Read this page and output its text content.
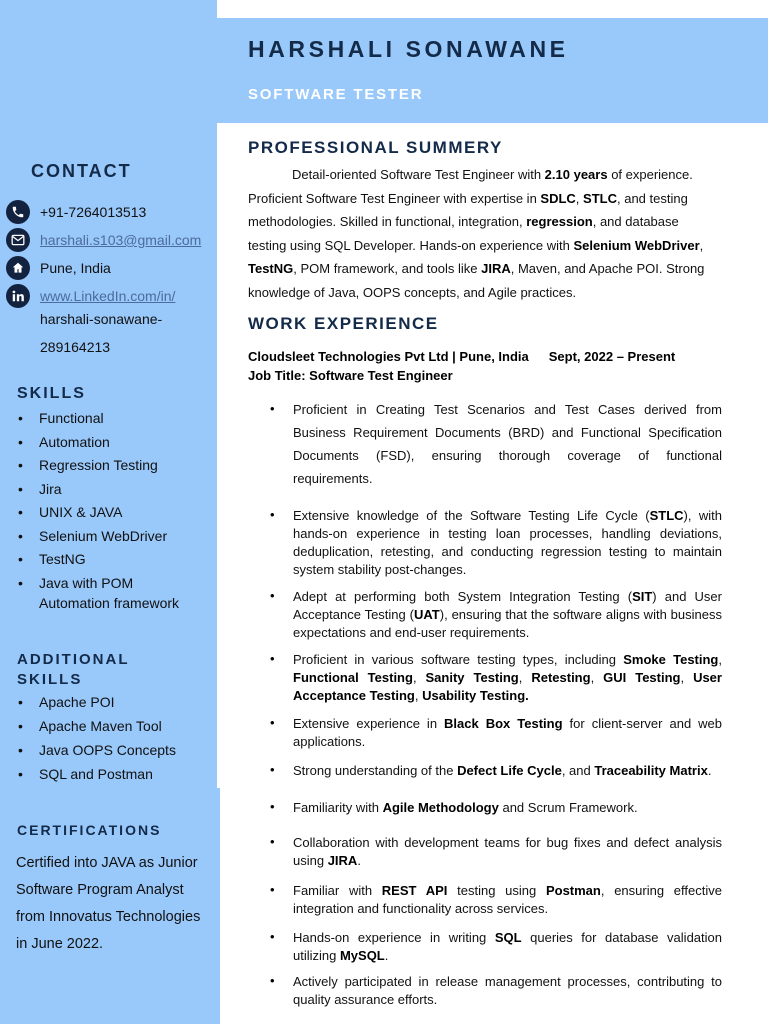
HARSHALI SONAWANE
SOFTWARE TESTER
CONTACT
+91-7264013513
harshali.s103@gmail.com
Pune, India
www.LinkedIn.com/in/
harshali-sonawane-
289164213
SKILLS
• Functional
• Automation
• Regression Testing
• Jira
• UNIX & JAVA
• Selenium WebDriver
• TestNG
• Java with POM Automation framework
ADDITIONAL SKILLS
• Apache POI
• Apache Maven Tool
• Java OOPS Concepts
• SQL and Postman
CERTIFICATIONS
Certified into JAVA as Junior Software Program Analyst from Innovatus Technologies in June 2022.
PROFESSIONAL SUMMERY
Detail-oriented Software Test Engineer with 2.10 years of experience. Proficient Software Test Engineer with expertise in SDLC, STLC, and testing methodologies. Skilled in functional, integration, regression, and database testing using SQL Developer. Hands-on experience with Selenium WebDriver, TestNG, POM framework, and tools like JIRA, Maven, and Apache POI. Strong knowledge of Java, OOPS concepts, and Agile practices.
WORK EXPERIENCE
Cloudsleet Technologies Pvt Ltd | Pune, India Sept, 2022 – Present
Job Title: Software Test Engineer
• Proficient in Creating Test Scenarios and Test Cases derived from Business Requirement Documents (BRD) and Functional Specification Documents (FSD), ensuring thorough coverage of functional requirements.
• Extensive knowledge of the Software Testing Life Cycle (STLC), with hands-on experience in testing loan processes, handling deviations, deduplication, retesting, and conducting regression testing to maintain system stability post-changes.
• Adept at performing both System Integration Testing (SIT) and User Acceptance Testing (UAT), ensuring that the software aligns with business expectations and end-user requirements.
• Proficient in various software testing types, including Smoke Testing, Functional Testing, Sanity Testing, Retesting, GUI Testing, User Acceptance Testing, Usability Testing.
• Extensive experience in Black Box Testing for client-server and web applications.
• Strong understanding of the Defect Life Cycle, and Traceability Matrix.
• Familiarity with Agile Methodology and Scrum Framework.
• Collaboration with development teams for bug fixes and defect analysis using JIRA.
• Familiar with REST API testing using Postman, ensuring effective integration and functionality across services.
• Hands-on experience in writing SQL queries for database validation utilizing MySQL.
• Actively participated in release management processes, contributing to quality assurance efforts.
